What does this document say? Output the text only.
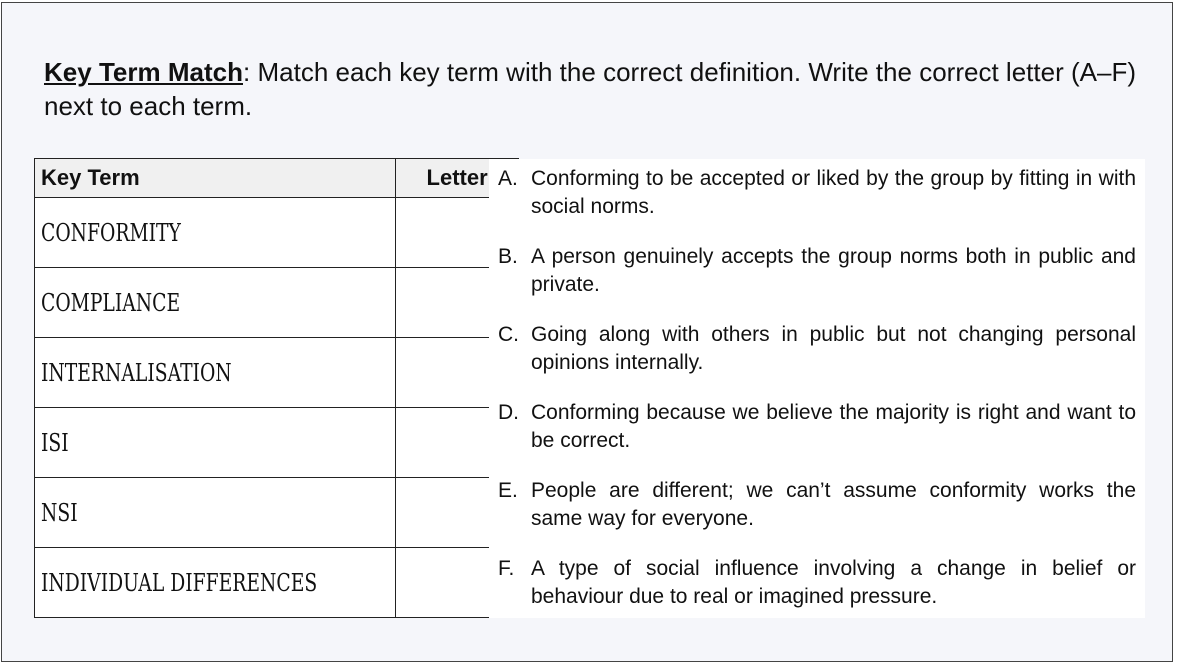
Key Term Match: Match each key term with the correct definition. Write the correct letter (A–F) next to each term.
Key Term	Letter
CONFORMITY	
COMPLIANCE	
INTERNALISATION	
ISI	
NSI	
INDIVIDUAL DIFFERENCES	
A. Conforming to be accepted or liked by the group by fitting in with social norms.
B. A person genuinely accepts the group norms both in public and private.
C. Going along with others in public but not changing personal opinions internally.
D. Conforming because we believe the majority is right and want to be correct.
E. People are different; we can’t assume conformity works the same way for everyone.
F. A type of social influence involving a change in belief or behaviour due to real or imagined pressure.
